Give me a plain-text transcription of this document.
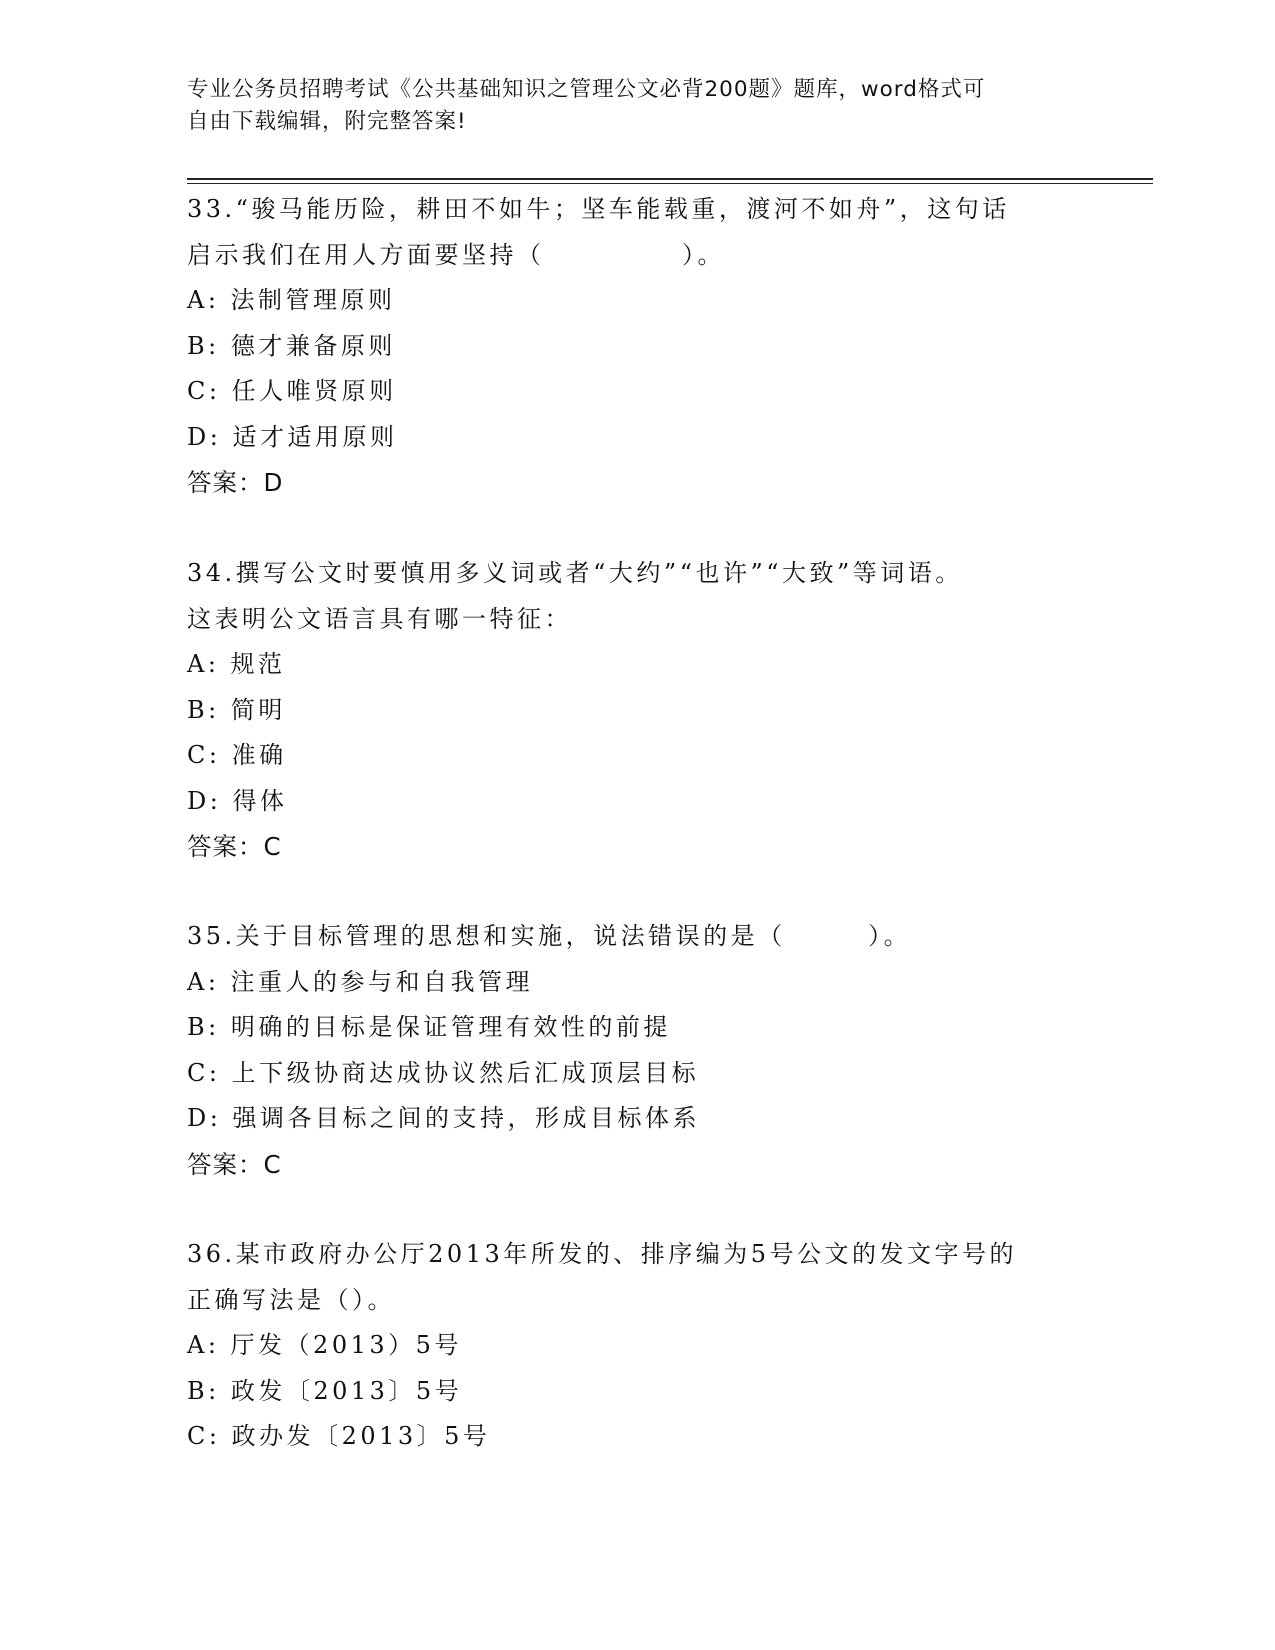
专业公务员招聘考试《公共基础知识之管理公文必背200题》题库，word格式可
自由下载编辑，附完整答案!
33.“骏马能历险，耕田不如牛；坚车能载重，渡河不如舟”，这句话
启示我们在用人方面要坚持（　　　　　）。
A: 法制管理原则
B: 德才兼备原则
C: 任人唯贤原则
D: 适才适用原则
答案：D
34.撰写公文时要慎用多义词或者“大约”“也许”“大致”等词语。
这表明公文语言具有哪一特征：
A: 规范
B: 简明
C: 准确
D: 得体
答案：C
35.关于目标管理的思想和实施，说法错误的是（　　　）。
A: 注重人的参与和自我管理
B: 明确的目标是保证管理有效性的前提
C: 上下级协商达成协议然后汇成顶层目标
D: 强调各目标之间的支持，形成目标体系
答案：C
36.某市政府办公厅2013年所发的、排序编为5号公文的发文字号的
正确写法是（）。
A: 厅发（2013）5号
B: 政发〔2013〕5号
C: 政办发〔2013〕5号
